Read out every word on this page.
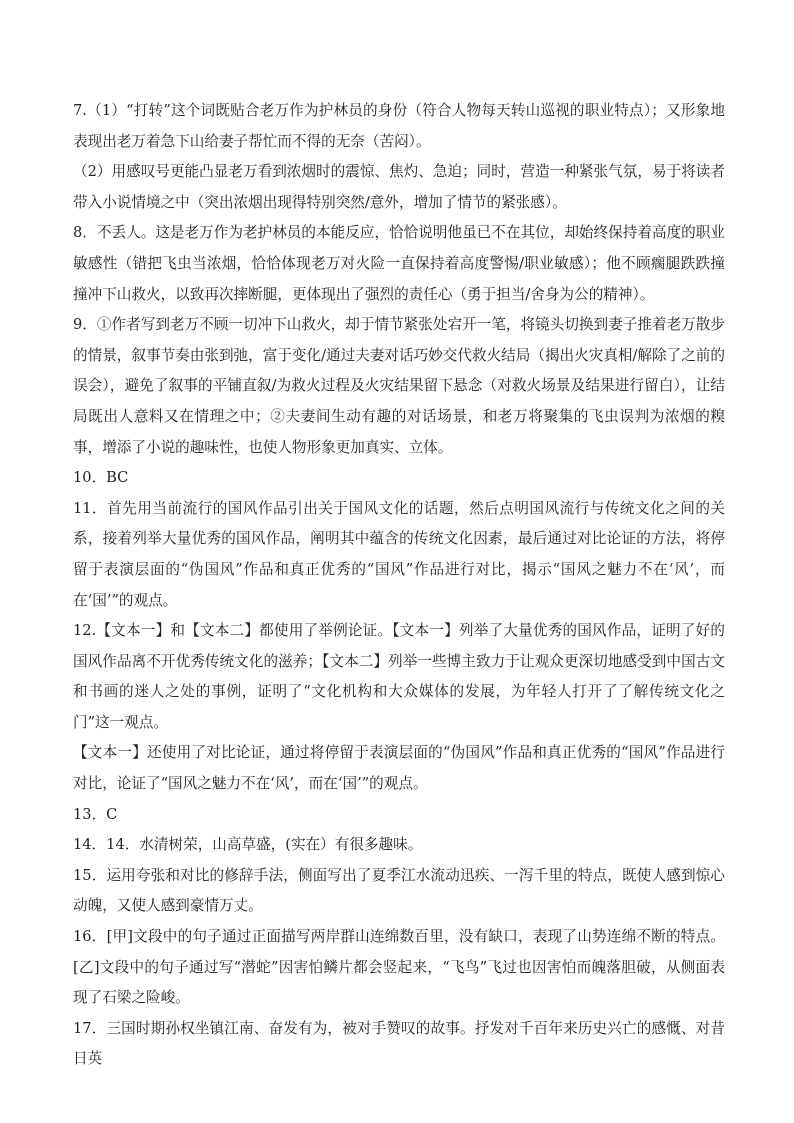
7.（1）“打转”这个词既贴合老万作为护林员的身份（符合人物每天转山巡视的职业特点）；又形象地表现出老万着急下山给妻子帮忙而不得的无奈（苦闷）。

（2）用感叹号更能凸显老万看到浓烟时的震惊、焦灼、急迫；同时，营造一种紧张气氛，易于将读者带入小说情境之中（突出浓烟出现得特别突然/意外，增加了情节的紧张感）。

8．不丢人。这是老万作为老护林员的本能反应，恰恰说明他虽已不在其位，却始终保持着高度的职业敏感性（错把飞虫当浓烟，恰恰体现老万对火险一直保持着高度警惕/职业敏感）；他不顾瘸腿跌跌撞撞冲下山救火，以致再次摔断腿，更体现出了强烈的责任心（勇于担当/舍身为公的精神）。

9．①作者写到老万不顾一切冲下山救火，却于情节紧张处宕开一笔，将镜头切换到妻子推着老万散步的情景，叙事节奏由张到弛，富于变化/通过夫妻对话巧妙交代救火结局（揭出火灾真相/解除了之前的误会），避免了叙事的平铺直叙/为救火过程及火灾结果留下悬念（对救火场景及结果进行留白），让结局既出人意料又在情理之中；②夫妻间生动有趣的对话场景，和老万将聚集的飞虫误判为浓烟的糗事，增添了小说的趣味性，也使人物形象更加真实、立体。

10．BC

11．首先用当前流行的国风作品引出关于国风文化的话题，然后点明国风流行与传统文化之间的关系，接着列举大量优秀的国风作品，阐明其中蕴含的传统文化因素，最后通过对比论证的方法，将停留于表演层面的“伪国风”作品和真正优秀的“国风”作品进行对比，揭示“国风之魅力不在‘风’，而在‘国’”的观点。

12.【文本一】和【文本二】都使用了举例论证。【文本一】列举了大量优秀的国风作品，证明了好的国风作品离不开优秀传统文化的滋养；【文本二】列举一些博主致力于让观众更深切地感受到中国古文和书画的迷人之处的事例，证明了“文化机构和大众媒体的发展，为年轻人打开了了解传统文化之门”这一观点。

【文本一】还使用了对比论证，通过将停留于表演层面的“伪国风”作品和真正优秀的“国风”作品进行对比，论证了“国风之魅力不在‘风’，而在‘国’”的观点。

13．C

14．14．水清树荣，山高草盛，(实在）有很多趣味。

15．运用夸张和对比的修辞手法，侧面写出了夏季江水流动迅疾、一泻千里的特点，既使人感到惊心动魄，又使人感到豪情万丈。

16．[甲]文段中的句子通过正面描写两岸群山连绵数百里，没有缺口，表现了山势连绵不断的特点。[乙]文段中的句子通过写“潜蛇”因害怕鳞片都会竖起来，“飞鸟”飞过也因害怕而魄落胆破，从侧面表现了石梁之险峻。

17．三国时期孙权坐镇江南、奋发有为，被对手赞叹的故事。抒发对千百年来历史兴亡的感慨、对昔日英
